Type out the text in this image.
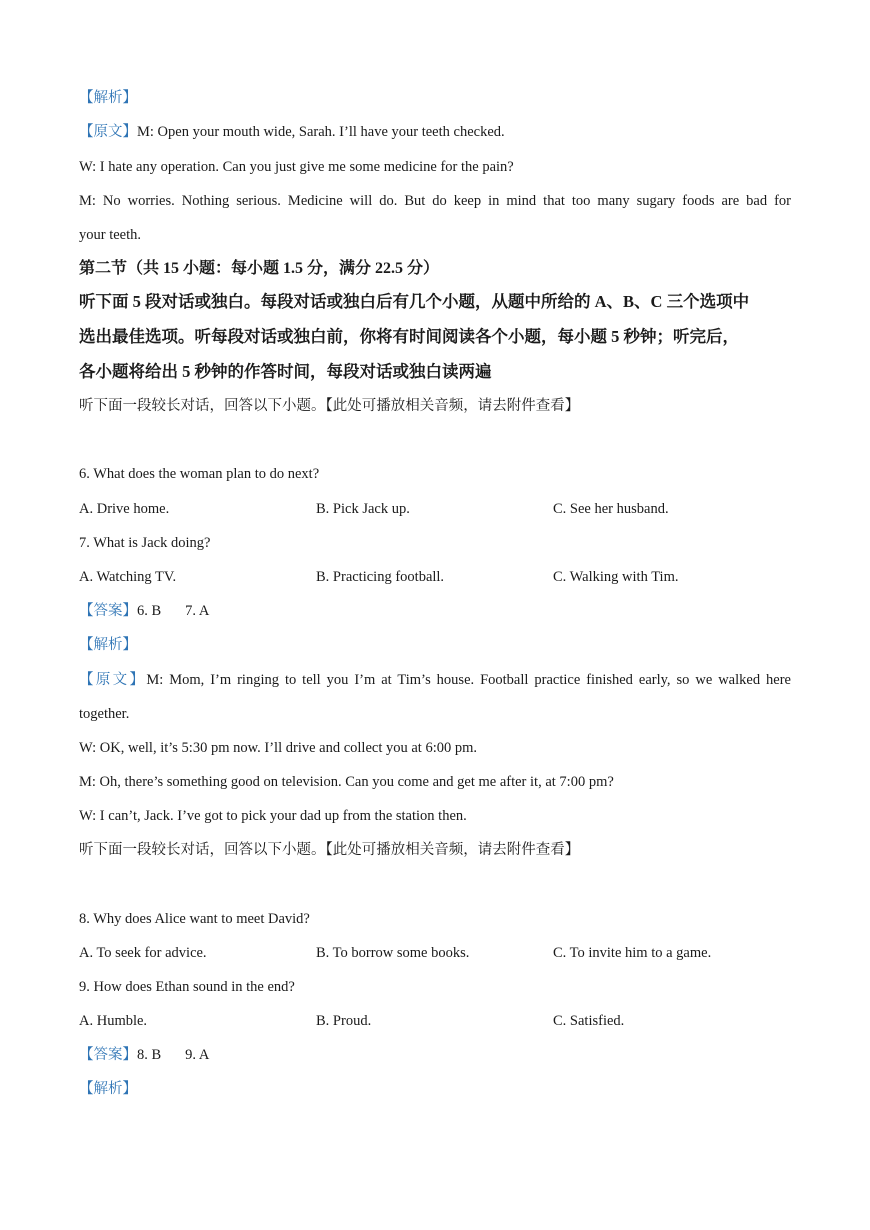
【解析】
【原文】M: Open your mouth wide, Sarah. I’ll have your teeth checked.
W: I hate any operation. Can you just give me some medicine for the pain?
M: No worries. Nothing serious. Medicine will do. But do keep in mind that too many sugary foods are bad for
your teeth.
第二节（共 15 小题：每小题 1.5 分，满分 22.5 分）
听下面 5 段对话或独白。每段对话或独白后有几个小题，从题中所给的 A、B、C 三个选项中
选出最佳选项。听每段对话或独白前，你将有时间阅读各个小题，每小题 5 秒钟；听完后，
各小题将给出 5 秒钟的作答时间，每段对话或独白读两遍
听下面一段较长对话，回答以下小题。【此处可播放相关音频，请去附件查看】
6. What does the woman plan to do next?
A. Drive home.	B. Pick Jack up.	C. See her husband.
7. What is Jack doing?
A. Watching TV.	B. Practicing football.	C. Walking with Tim.
【答案】6. B 7. A
【解析】
【原文】M: Mom, I’m ringing to tell you I’m at Tim’s house. Football practice finished early, so we walked here
together.
W: OK, well, it’s 5:30 pm now. I’ll drive and collect you at 6:00 pm.
M: Oh, there’s something good on television. Can you come and get me after it, at 7:00 pm?
W: I can’t, Jack. I’ve got to pick your dad up from the station then.
听下面一段较长对话，回答以下小题。【此处可播放相关音频，请去附件查看】
8. Why does Alice want to meet David?
A. To seek for advice.	B. To borrow some books.	C. To invite him to a game.
9. How does Ethan sound in the end?
A. Humble.	B. Proud.	C. Satisfied.
【答案】8. B 9. A
【解析】
